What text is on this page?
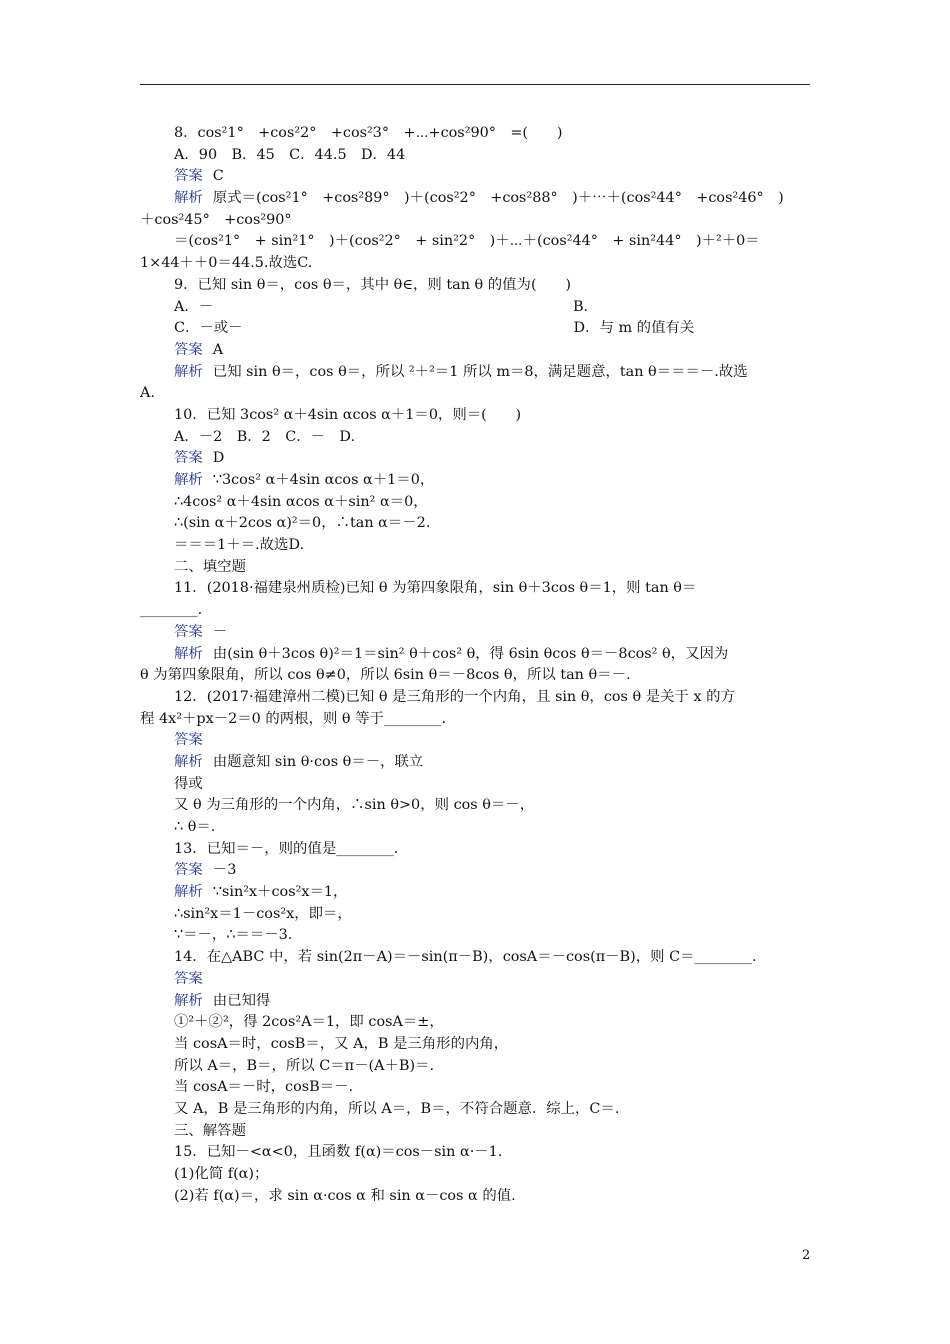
8．cos²1°　+cos²2°　+cos²3°　+⋯+cos²90°　=(　　)
A．90　B．45　C．44.5　D．44
答案 C
解析 原式＝(cos²1°　+cos²89°　)＋(cos²2°　+cos²88°　)＋⋯＋(cos²44°　+cos²46°　)
＋cos²45°　+cos²90°
＝(cos²1°　+ sin²1°　)＋(cos²2°　+ sin²2°　)＋⋯＋(cos²44°　+ sin²44°　)＋²＋0＝
1×44＋＋0＝44.5.故选C.
9．已知 sin θ＝，cos θ＝，其中 θ∈，则 tan θ 的值为(　　)
A．－　　　　　　　　　　　　　　　　　　　　　　　　　B．
C．－或－　　　　　　　　　　　　　　　　　　　　　　　D．与 m 的值有关
答案 A
解析 已知 sin θ＝，cos θ＝，所以 ²＋²＝1 所以 m＝8，满足题意，tan θ＝＝＝－.故选
A.
10．已知 3cos² α＋4sin αcos α＋1＝0，则＝(　　)
A．－2　B．2　C．－　D.
答案 D
解析 ∵3cos² α＋4sin αcos α＋1＝0，
∴4cos² α＋4sin αcos α＋sin² α＝0，
∴(sin α＋2cos α)²＝0，∴tan α＝－2.
＝＝＝1＋＝.故选D.
二、填空题
11．(2018·福建泉州质检)已知 θ 为第四象限角，sin θ＋3cos θ＝1，则 tan θ＝
________.
答案 －
解析 由(sin θ＋3cos θ)²＝1＝sin² θ＋cos² θ，得 6sin θcos θ＝－8cos² θ，又因为
θ 为第四象限角，所以 cos θ≠0，所以 6sin θ＝－8cos θ，所以 tan θ＝－.
12．(2017·福建漳州二模)已知 θ 是三角形的一个内角，且 sin θ，cos θ 是关于 x 的方
程 4x²＋px－2＝0 的两根，则 θ 等于________.
答案
解析 由题意知 sin θ·cos θ＝－，联立
得或
又 θ 为三角形的一个内角，∴sin θ>0，则 cos θ＝－，
∴ θ＝.
13．已知＝－，则的值是________.
答案 －3
解析 ∵sin²x＋cos²x＝1，
∴sin²x＝1－cos²x，即＝，
∵＝－，∴＝＝－3.
14．在△ABC 中，若 sin(2π－A)＝－sin(π－B)，cosA＝－cos(π－B)，则 C＝________.
答案
解析 由已知得
①²＋②²，得 2cos²A＝1，即 cosA＝±，
当 cosA＝时，cosB＝，又 A，B 是三角形的内角，
所以 A＝，B＝，所以 C＝π－(A＋B)＝.
当 cosA＝－时，cosB＝－.
又 A，B 是三角形的内角，所以 A＝，B＝，不符合题意．综上，C＝.
三、解答题
15．已知－<α<0，且函数 f(α)＝cos－sin α·－1.
(1)化简 f(α)；
(2)若 f(α)＝，求 sin α·cos α 和 sin α－cos α 的值.
2
